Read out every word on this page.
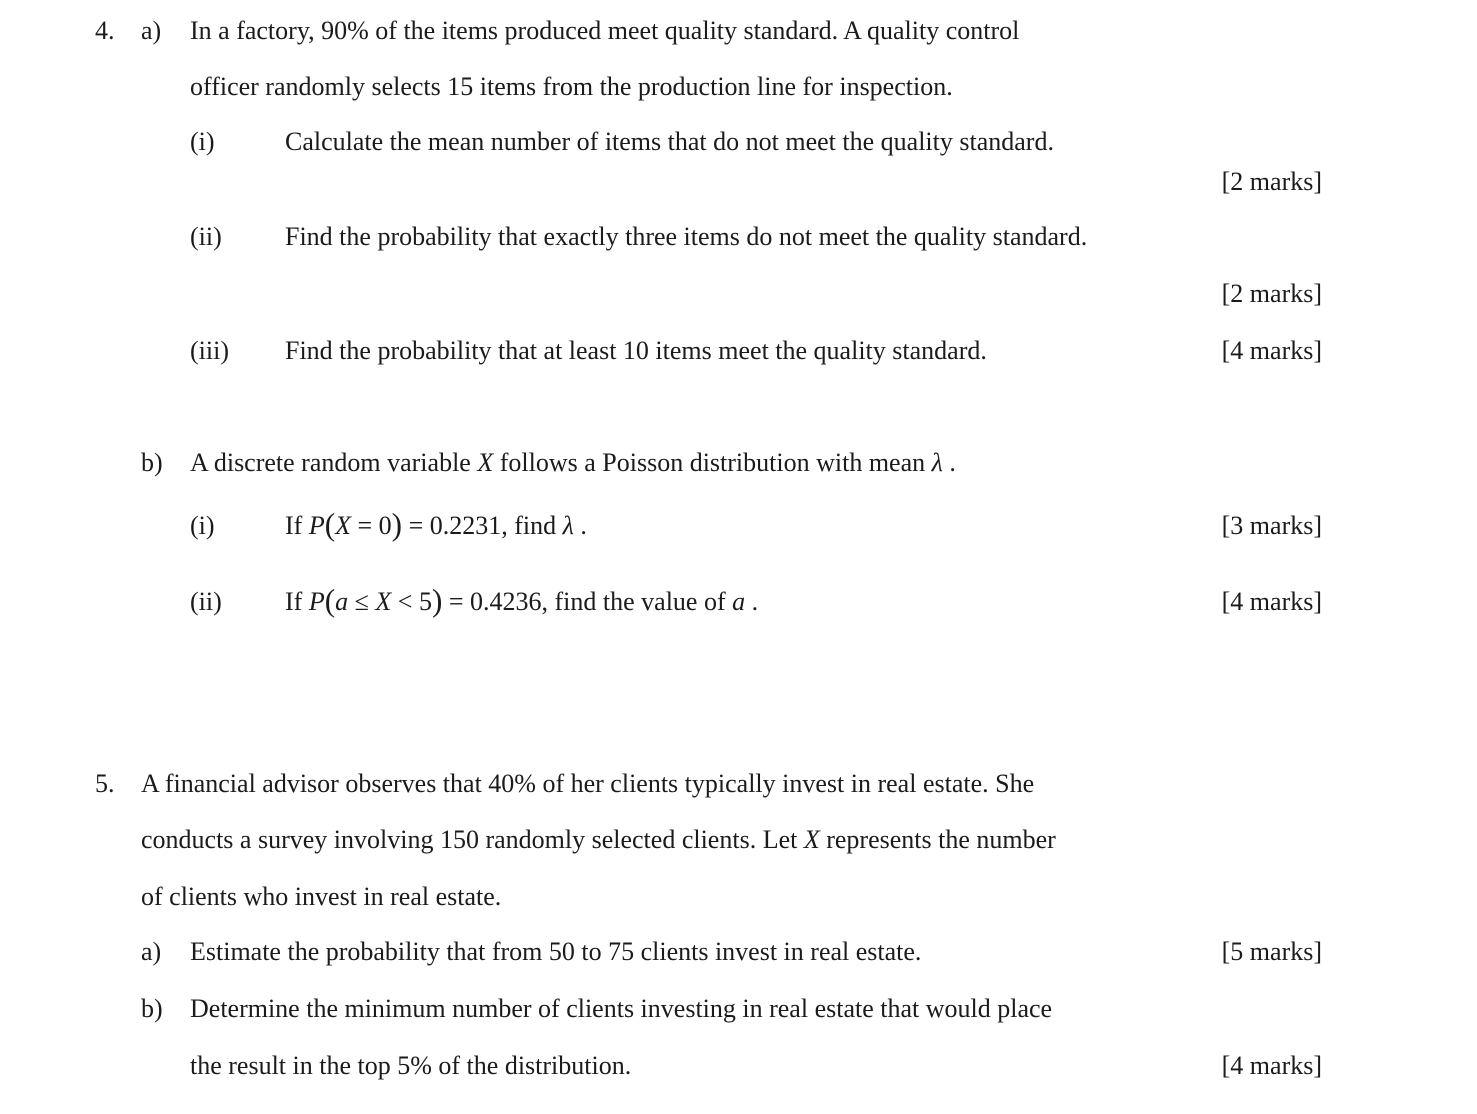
4. a) In a factory, 90% of the items produced meet quality standard. A quality control
officer randomly selects 15 items from the production line for inspection.
(i)	Calculate the mean number of items that do not meet the quality standard.
[2 marks]
(ii) Find the probability that exactly three items do not meet the quality standard.
[2 marks]
(iii) Find the probability that at least 10 items meet the quality standard.	[4 marks]
b) A discrete random variable X follows a Poisson distribution with mean λ .
(i)	If P(X = 0) = 0.2231, find λ .	[3 marks]
(ii) If P(a ≤ X < 5) = 0.4236, find the value of a .	[4 marks]
5. A financial advisor observes that 40% of her clients typically invest in real estate. She
conducts a survey involving 150 randomly selected clients. Let X represents the number
of clients who invest in real estate.
a) Estimate the probability that from 50 to 75 clients invest in real estate.	[5 marks]
b) Determine the minimum number of clients investing in real estate that would place
the result in the top 5% of the distribution.	[4 marks]
